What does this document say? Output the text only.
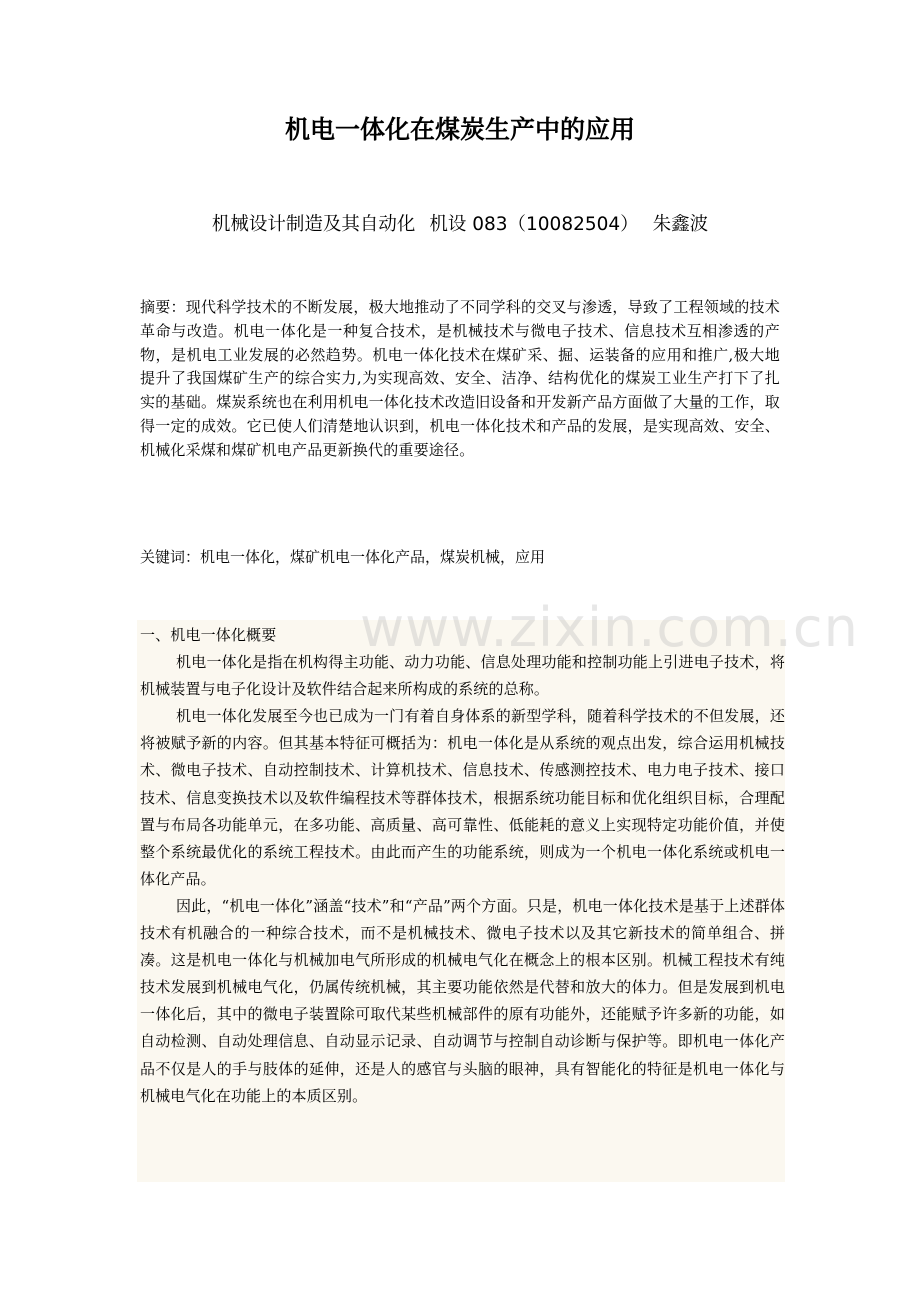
机电一体化在煤炭生产中的应用
机械设计制造及其自动化 机设 083（10082504） 朱鑫波
摘要：现代科学技术的不断发展，极大地推动了不同学科的交叉与渗透，导致了工程领域的技术革命与改造。机电一体化是一种复合技术，是机械技术与微电子技术、信息技术互相渗透的产物，是机电工业发展的必然趋势。机电一体化技术在煤矿采、掘、运装备的应用和推广,极大地提升了我国煤矿生产的综合实力,为实现高效、安全、洁净、结构优化的煤炭工业生产打下了扎实的基础。煤炭系统也在利用机电一体化技术改造旧设备和开发新产品方面做了大量的工作，取得一定的成效。它已使人们清楚地认识到，机电一体化技术和产品的发展，是实现高效、安全、机械化采煤和煤矿机电产品更新换代的重要途径。
关键词：机电一体化，煤矿机电一体化产品，煤炭机械，应用
一、机电一体化概要

机电一体化是指在机构得主功能、动力功能、信息处理功能和控制功能上引进电子技术，将机械装置与电子化设计及软件结合起来所构成的系统的总称。

机电一体化发展至今也已成为一门有着自身体系的新型学科，随着科学技术的不但发展，还将被赋予新的内容。但其基本特征可概括为：机电一体化是从系统的观点出发，综合运用机械技术、微电子技术、自动控制技术、计算机技术、信息技术、传感测控技术、电力电子技术、接口技术、信息变换技术以及软件编程技术等群体技术，根据系统功能目标和优化组织目标，合理配置与布局各功能单元，在多功能、高质量、高可靠性、低能耗的意义上实现特定功能价值，并使整个系统最优化的系统工程技术。由此而产生的功能系统，则成为一个机电一体化系统或机电一体化产品。

因此，“机电一体化”涵盖“技术”和“产品”两个方面。只是，机电一体化技术是基于上述群体技术有机融合的一种综合技术，而不是机械技术、微电子技术以及其它新技术的简单组合、拼凑。这是机电一体化与机械加电气所形成的机械电气化在概念上的根本区别。机械工程技术有纯技术发展到机械电气化，仍属传统机械，其主要功能依然是代替和放大的体力。但是发展到机电一体化后，其中的微电子装置除可取代某些机械部件的原有功能外，还能赋予许多新的功能，如自动检测、自动处理信息、自动显示记录、自动调节与控制自动诊断与保护等。即机电一体化产品不仅是人的手与肢体的延伸，还是人的感官与头脑的眼神，具有智能化的特征是机电一体化与机械电气化在功能上的本质区别。

www.zixin.com.cn
